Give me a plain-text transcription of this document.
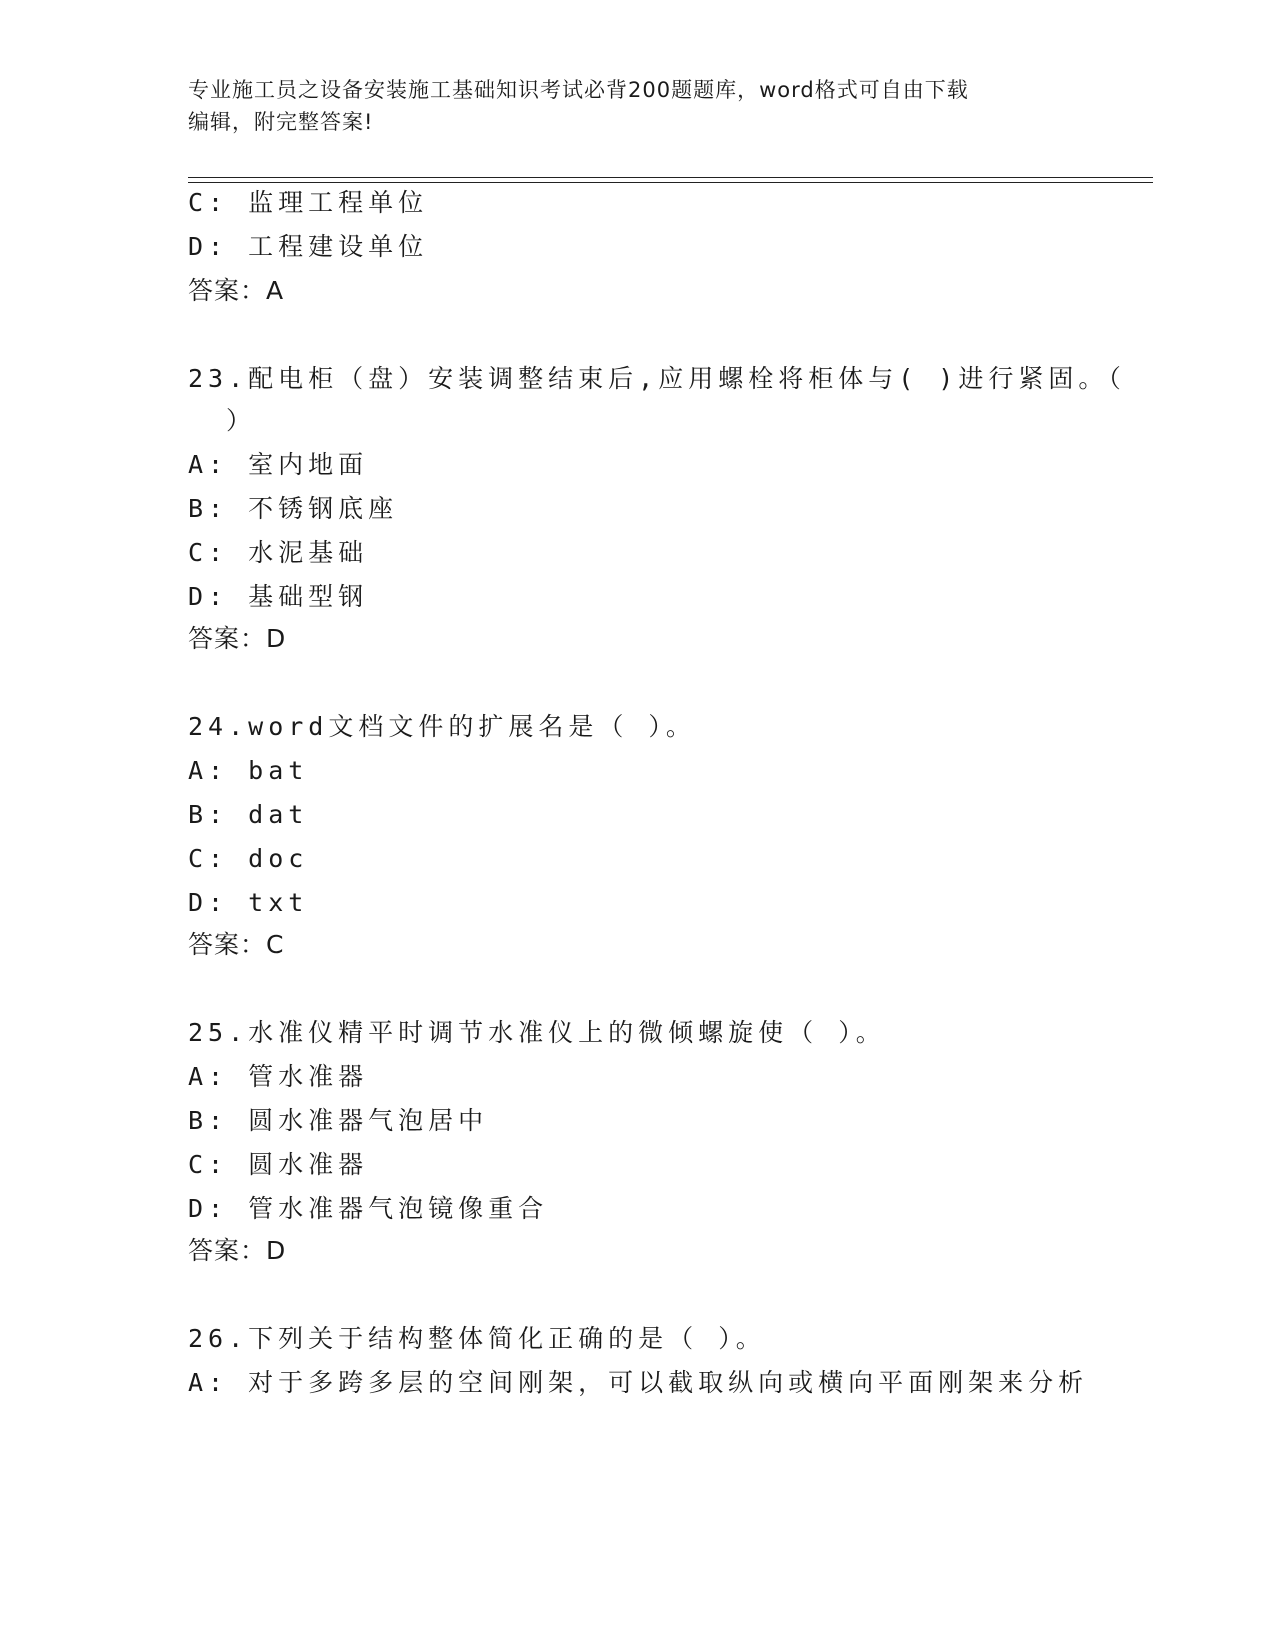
专业施工员之设备安装施工基础知识考试必背200题题库，word格式可自由下载
编辑，附完整答案!
C: 监理工程单位
D: 工程建设单位
答案：A
23.配电柜（盘）安装调整结束后,应用螺栓将柜体与( )进行紧固。（
）
A: 室内地面
B: 不锈钢底座
C: 水泥基础
D: 基础型钢
答案：D
24.word文档文件的扩展名是（ ）。
A: bat
B: dat
C: doc
D: txt
答案：C
25.水准仪精平时调节水准仪上的微倾螺旋使（ ）。
A: 管水准器
B: 圆水准器气泡居中
C: 圆水准器
D: 管水准器气泡镜像重合
答案：D
26.下列关于结构整体简化正确的是（ ）。
A: 对于多跨多层的空间刚架，可以截取纵向或横向平面刚架来分析
